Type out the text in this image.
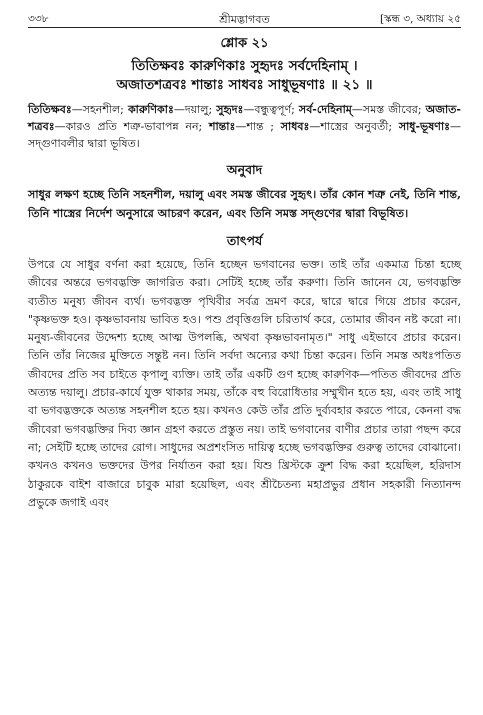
৩৩৮	শ্রীমদ্ভাগবত	[স্কন্ধ ৩, অধ্যায় ২৫
শ্লোক ২১
তিতিক্ষবঃ কারুণিকাঃ সুহৃদঃ সর্বদেহিনাম্ ।
অজাতশত্রবঃ শান্তাঃ সাধবঃ সাধুভূষণাঃ ॥ ২১ ॥
তিতিক্ষবঃ—সহনশীল; কারুণিকাঃ—দয়ালু; সুহৃদঃ—বন্ধুত্বপূর্ণ; সর্ব-দেহিনাম্—সমস্ত জীবের; অজাত-শত্রবঃ—কারও প্রতি শত্রু-ভাবাপন্ন নন; শান্তাঃ—শান্ত ; সাধবঃ—শাস্ত্রের অনুবর্তী; সাধু-ভূষণাঃ—সদ্‌গুণাবলীর দ্বারা ভূষিত।
অনুবাদ
সাধুর লক্ষণ হচ্ছে তিনি সহনশীল, দয়ালু এবং সমস্ত জীবের সুহৃৎ। তাঁর কোন শত্রু নেই, তিনি শান্ত, তিনি শাস্ত্রের নির্দেশ অনুসারে আচরণ করেন, এবং তিনি সমস্ত সদ্‌গুণের দ্বারা বিভূষিত।
তাৎপর্য
উপরে যে সাধুর বর্ণনা করা হয়েছে, তিনি হচ্ছেন ভগবানের ভক্ত। তাই তাঁর একমাত্র চিন্তা হচ্ছে জীবের অন্তরে ভগবদ্ভক্তি জাগরিত করা। সেটিই হচ্ছে তাঁর করুণা। তিনি জানেন যে, ভগবদ্ভক্তি ব্যতীত মনুষ্য জীবন ব্যর্থ। ভগবদ্ভক্ত পৃথিবীর সর্বত্র ভ্রমণ করে, দ্বারে দ্বারে গিয়ে প্রচার করেন, "কৃষ্ণভক্ত হও। কৃষ্ণভাবনায় ভাবিত হও। পশু প্রবৃত্তিগুলি চরিতার্থ করে, তোমার জীবন নষ্ট করো না। মনুষ্য-জীবনের উদ্দেশ্য হচ্ছে আত্ম উপলব্ধি, অথবা কৃষ্ণভাবনামৃত।" সাধু এইভাবে প্রচার করেন। তিনি তাঁর নিজের মুক্তিতে সন্তুষ্ট নন। তিনি সর্বদা অন্যের কথা চিন্তা করেন। তিনি সমস্ত অধঃপতিত জীবদের প্রতি সব চাইতে কৃপালু ব্যক্তি। তাই তাঁর একটি গুণ হচ্ছে কারুণিক—পতিত জীবদের প্রতি অত্যন্ত দয়ালু। প্রচার-কার্যে যুক্ত থাকার সময়, তাঁকে বহু বিরোধিতার সম্মুখীন হতে হয়, এবং তাই সাধু বা ভগবদ্ভক্তকে অত্যন্ত সহনশীল হতে হয়। কখনও কেউ তাঁর প্রতি দুর্ব্যবহার করতে পারে, কেননা বদ্ধ জীবেরা ভগবদ্ভক্তির দিব্য জ্ঞান গ্রহণ করতে প্রস্তুত নয়। তাই ভগবানের বাণীর প্রচার তারা পছন্দ করে না; সেইটি হচ্ছে তাদের রোগ। সাধুদের অপ্রশংসিত দায়িত্ব হচ্ছে ভগবদ্ভক্তির গুরুত্ব তাদের বোঝানো। কখনও কখনও ভক্তদের উপর নির্যাতন করা হয়। যিশু খ্রিস্টকে ক্রুশ বিদ্ধ করা হয়েছিল, হরিদাস ঠাকুরকে বাইশ বাজারে চাবুক মারা হয়েছিল, এবং শ্রীচৈতন্য মহাপ্রভুর প্রধান সহকারী নিত্যানন্দ প্রভুকে জগাই এবং
